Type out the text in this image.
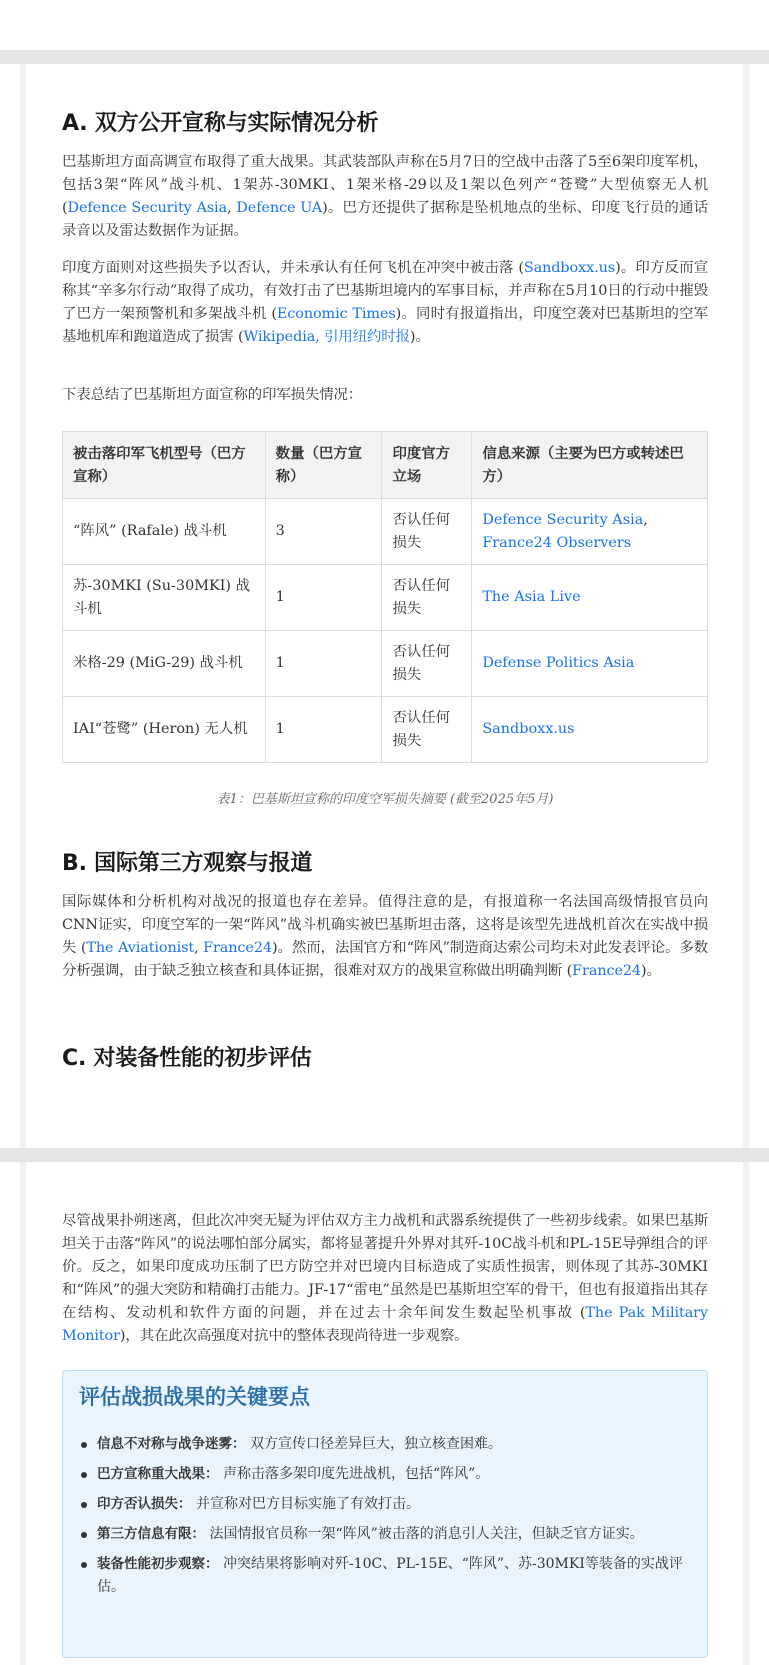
A. 双方公开宣称与实际情况分析

巴基斯坦方面高调宣布取得了重大战果。其武装部队声称在5月7日的空战中击落了5至6架印度军机，包括3架“阵风”战斗机、1架苏-30MKI、1架米格-29以及1架以色列产“苍鹭”大型侦察无人机 (Defence Security Asia, Defence UA)。巴方还提供了据称是坠机地点的坐标、印度飞行员的通话录音以及雷达数据作为证据。

印度方面则对这些损失予以否认，并未承认有任何飞机在冲突中被击落 (Sandboxx.us)。印方反而宣称其“辛多尔行动”取得了成功，有效打击了巴基斯坦境内的军事目标，并声称在5月10日的行动中摧毁了巴方一架预警机和多架战斗机 (Economic Times)。同时有报道指出，印度空袭对巴基斯坦的空军基地机库和跑道造成了损害 (Wikipedia, 引用纽约时报)。

下表总结了巴基斯坦方面宣称的印军损失情况：

被击落印军飞机型号（巴方宣称）	数量（巴方宣称）	印度官方立场	信息来源（主要为巴方或转述巴方）
“阵风” (Rafale) 战斗机	3	否认任何损失	Defence Security Asia, France24 Observers
苏-30MKI (Su-30MKI) 战斗机	1	否认任何损失	The Asia Live
米格-29 (MiG-29) 战斗机	1	否认任何损失	Defense Politics Asia
IAI“苍鹭” (Heron) 无人机	1	否认任何损失	Sandboxx.us
表1：巴基斯坦宣称的印度空军损失摘要 (截至2025年5月)
B. 国际第三方观察与报道

国际媒体和分析机构对战况的报道也存在差异。值得注意的是，有报道称一名法国高级情报官员向CNN证实，印度空军的一架“阵风”战斗机确实被巴基斯坦击落，这将是该型先进战机首次在实战中损失 (The Aviationist, France24)。然而，法国官方和“阵风”制造商达索公司均未对此发表评论。多数分析强调，由于缺乏独立核查和具体证据，很难对双方的战果宣称做出明确判断 (France24)。

C. 对装备性能的初步评估

尽管战果扑朔迷离，但此次冲突无疑为评估双方主力战机和武器系统提供了一些初步线索。如果巴基斯坦关于击落“阵风”的说法哪怕部分属实，都将显著提升外界对其歼-10C战斗机和PL-15E导弹组合的评价。反之，如果印度成功压制了巴方防空并对巴境内目标造成了实质性损害，则体现了其苏-30MKI和“阵风”的强大突防和精确打击能力。JF-17“雷电”虽然是巴基斯坦空军的骨干，但也有报道指出其存在结构、发动机和软件方面的问题，并在过去十余年间发生数起坠机事故 (The Pak Military Monitor)，其在此次高强度对抗中的整体表现尚待进一步观察。

评估战损战果的关键要点
信息不对称与战争迷雾： 双方宣传口径差异巨大，独立核查困难。
巴方宣称重大战果： 声称击落多架印度先进战机，包括“阵风”。
印方否认损失： 并宣称对巴方目标实施了有效打击。
第三方信息有限： 法国情报官员称一架“阵风”被击落的消息引人关注，但缺乏官方证实。
装备性能初步观察： 冲突结果将影响对歼-10C、PL-15E、“阵风”、苏-30MKI等装备的实战评估。
